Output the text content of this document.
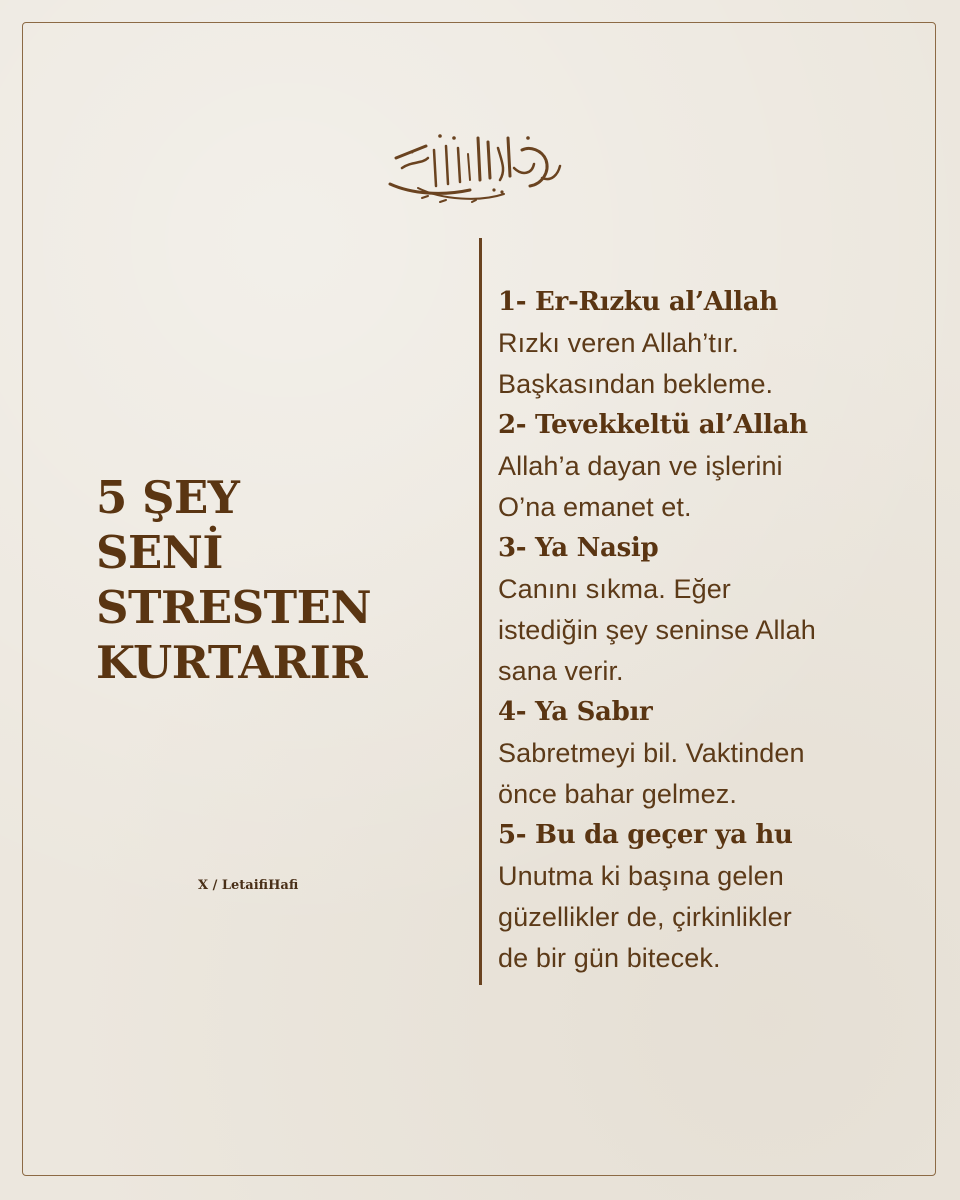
5 ŞEY
SENİ
STRESTEN
KURTARIR
X / LetaifiHafi
1- Er-Rızku al’Allah
Rızkı veren Allah’tır.
Başkasından bekleme.
2- Tevekkeltü al’Allah
Allah’a dayan ve işlerini
O’na emanet et.
3- Ya Nasip
Canını sıkma. Eğer
istediğin şey seninse Allah
sana verir.
4- Ya Sabır
Sabretmeyi bil. Vaktinden
önce bahar gelmez.
5- Bu da geçer ya hu
Unutma ki başına gelen
güzellikler de, çirkinlikler
de bir gün bitecek.
